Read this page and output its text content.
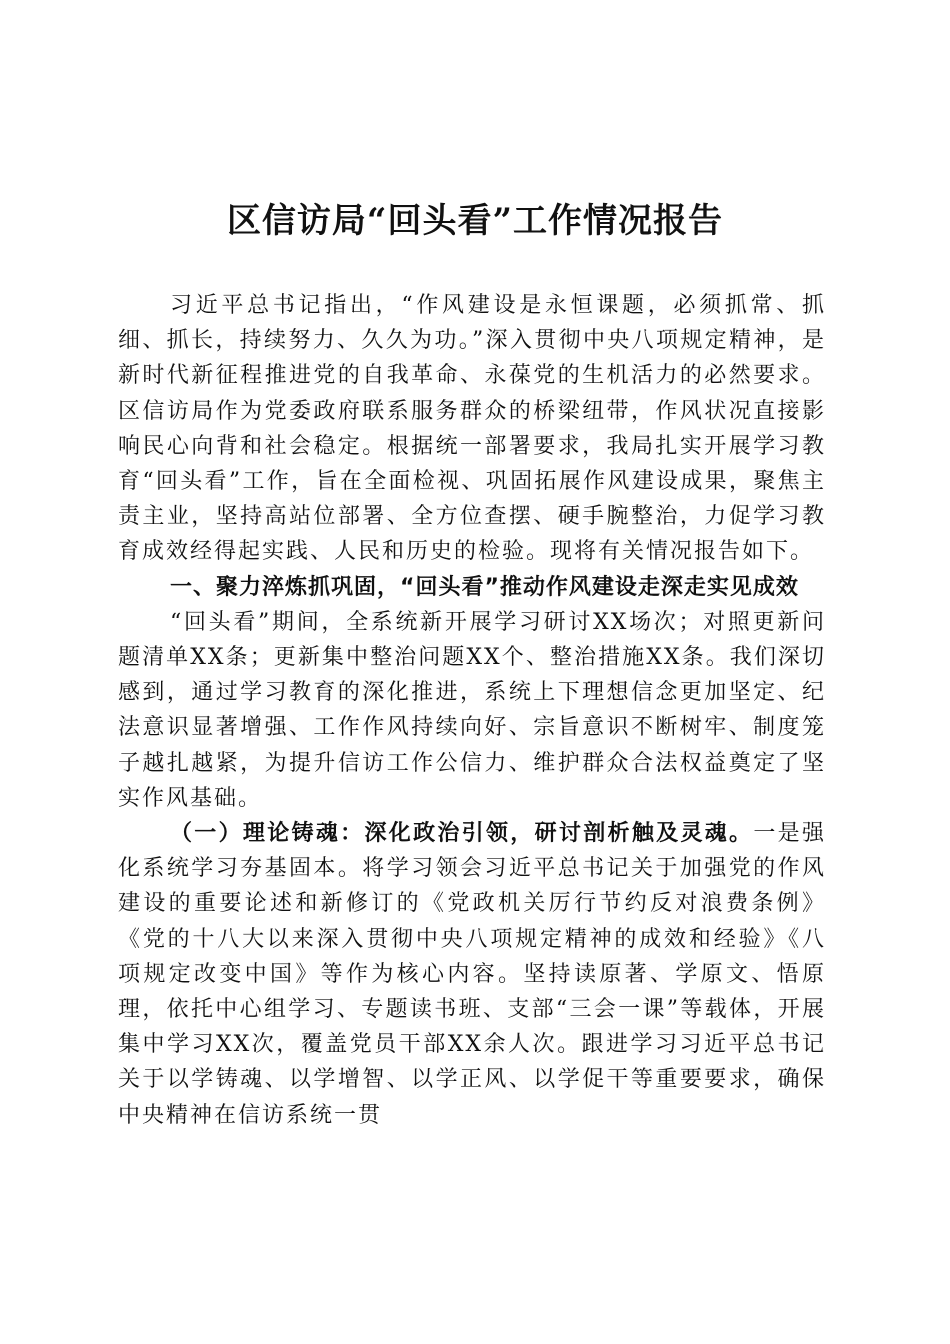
区信访局“回头看”工作情况报告

习近平总书记指出，“作风建设是永恒课题，必须抓常、抓细、抓长，持续努力、久久为功。”深入贯彻中央八项规定精神，是新时代新征程推进党的自我革命、永葆党的生机活力的必然要求。区信访局作为党委政府联系服务群众的桥梁纽带，作风状况直接影响民心向背和社会稳定。根据统一部署要求，我局扎实开展学习教育“回头看”工作，旨在全面检视、巩固拓展作风建设成果，聚焦主责主业，坚持高站位部署、全方位查摆、硬手腕整治，力促学习教育成效经得起实践、人民和历史的检验。现将有关情况报告如下。

一、聚力淬炼抓巩固，“回头看”推动作风建设走深走实见成效

“回头看”期间，全系统新开展学习研讨XX场次；对照更新问题清单XX条；更新集中整治问题XX个、整治措施XX条。我们深切感到，通过学习教育的深化推进，系统上下理想信念更加坚定、纪法意识显著增强、工作作风持续向好、宗旨意识不断树牢、制度笼子越扎越紧，为提升信访工作公信力、维护群众合法权益奠定了坚实作风基础。

（一）理论铸魂：深化政治引领，研讨剖析触及灵魂。一是强化系统学习夯基固本。将学习领会习近平总书记关于加强党的作风建设的重要论述和新修订的《党政机关厉行节约反对浪费条例》《党的十八大以来深入贯彻中央八项规定精神的成效和经验》《八项规定改变中国》等作为核心内容。坚持读原著、学原文、悟原理，依托中心组学习、专题读书班、支部“三会一课”等载体，开展集中学习XX次，覆盖党员干部XX余人次。跟进学习习近平总书记关于以学铸魂、以学增智、以学正风、以学促干等重要要求，确保中央精神在信访系统一贯
